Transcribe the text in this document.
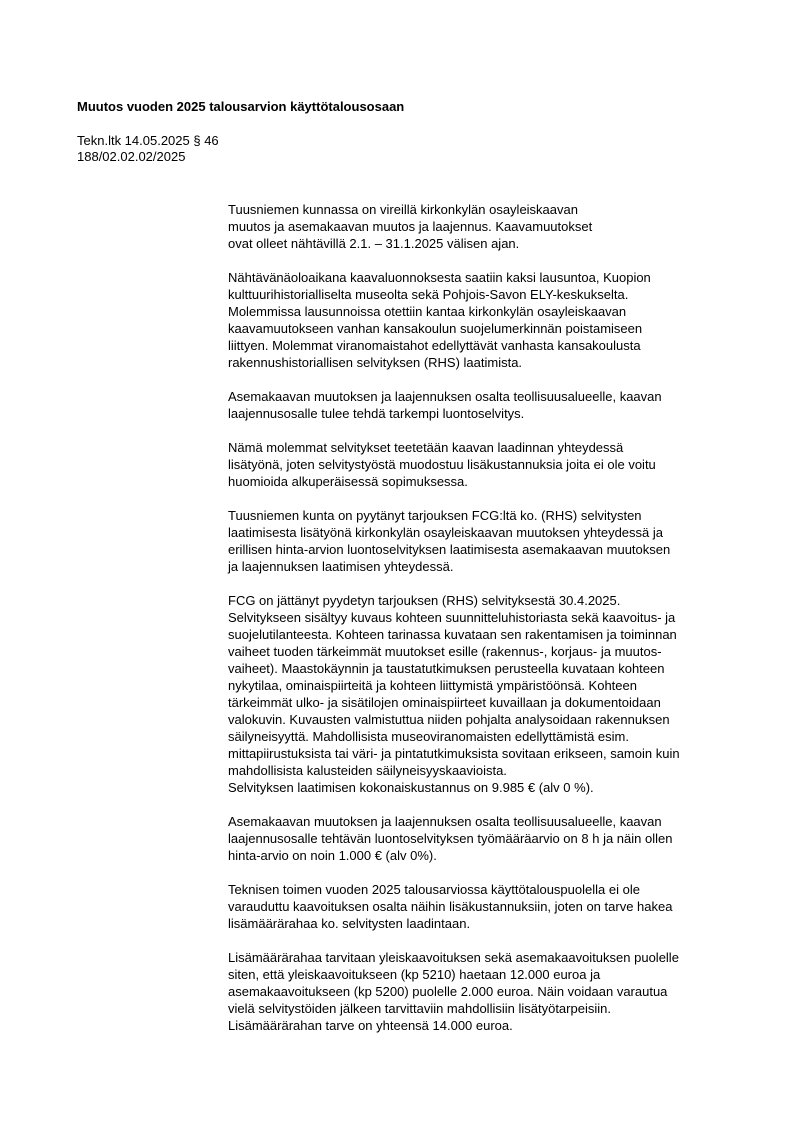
Muutos vuoden 2025 talousarvion käyttötalousosaan
Tekn.ltk 14.05.2025 § 46
188/02.02.02/2025
Tuusniemen kunnassa on vireillä kirkonkylän osayleiskaavan
muutos ja asemakaavan muutos ja laajennus. Kaavamuutokset
ovat olleet nähtävillä 2.1. – 31.1.2025 välisen ajan.
Nähtävänäoloaikana kaavaluonnoksesta saatiin kaksi lausuntoa, Kuopion
kulttuurihistorialliselta museolta sekä Pohjois-Savon ELY-keskukselta.
Molemmissa lausunnoissa otettiin kantaa kirkonkylän osayleiskaavan
kaavamuutokseen vanhan kansakoulun suojelumerkinnän poistamiseen
liittyen. Molemmat viranomaistahot edellyttävät vanhasta kansakoulusta
rakennushistoriallisen selvityksen (RHS) laatimista.
Asemakaavan muutoksen ja laajennuksen osalta teollisuusalueelle, kaavan
laajennusosalle tulee tehdä tarkempi luontoselvitys.
Nämä molemmat selvitykset teetetään kaavan laadinnan yhteydessä
lisätyönä, joten selvitystyöstä muodostuu lisäkustannuksia joita ei ole voitu
huomioida alkuperäisessä sopimuksessa.
Tuusniemen kunta on pyytänyt tarjouksen FCG:ltä ko. (RHS) selvitysten
laatimisesta lisätyönä kirkonkylän osayleiskaavan muutoksen yhteydessä ja
erillisen hinta-arvion luontoselvityksen laatimisesta asemakaavan muutoksen
ja laajennuksen laatimisen yhteydessä.
FCG on jättänyt pyydetyn tarjouksen (RHS) selvityksestä 30.4.2025.
Selvitykseen sisältyy kuvaus kohteen suunnitteluhistoriasta sekä kaavoitus- ja
suojelutilanteesta. Kohteen tarinassa kuvataan sen rakentamisen ja toiminnan
vaiheet tuoden tärkeimmät muutokset esille (rakennus-, korjaus- ja muutos-
vaiheet). Maastokäynnin ja taustatutkimuksen perusteella kuvataan kohteen
nykytilaa, ominaispiirteitä ja kohteen liittymistä ympäristöönsä. Kohteen
tärkeimmät ulko- ja sisätilojen ominaispiirteet kuvaillaan ja dokumentoidaan
valokuvin. Kuvausten valmistuttua niiden pohjalta analysoidaan rakennuksen
säilyneisyyttä. Mahdollisista museoviranomaisten edellyttämistä esim.
mittapiirustuksista tai väri- ja pintatutkimuksista sovitaan erikseen, samoin kuin
mahdollisista kalusteiden säilyneisyyskaavioista.
Selvityksen laatimisen kokonaiskustannus on 9.985 € (alv 0 %).
Asemakaavan muutoksen ja laajennuksen osalta teollisuusalueelle, kaavan
laajennusosalle tehtävän luontoselvityksen työmääräarvio on 8 h ja näin ollen
hinta-arvio on noin 1.000 € (alv 0%).
Teknisen toimen vuoden 2025 talousarviossa käyttötalouspuolella ei ole
varauduttu kaavoituksen osalta näihin lisäkustannuksiin, joten on tarve hakea
lisämäärärahaa ko. selvitysten laadintaan.
Lisämäärärahaa tarvitaan yleiskaavoituksen sekä asemakaavoituksen puolelle
siten, että yleiskaavoitukseen (kp 5210) haetaan 12.000 euroa ja
asemakaavoitukseen (kp 5200) puolelle 2.000 euroa. Näin voidaan varautua
vielä selvitystöiden jälkeen tarvittaviin mahdollisiin lisätyötarpeisiin.
Lisämäärärahan tarve on yhteensä 14.000 euroa.
